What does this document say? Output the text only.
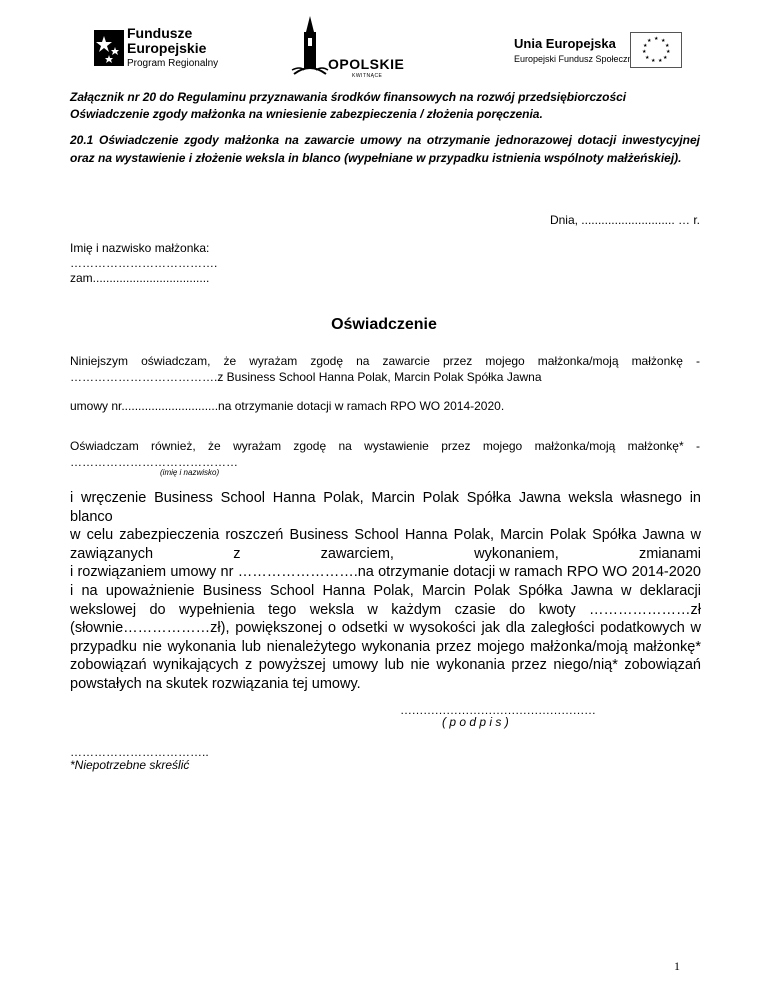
Fundusze
Europejskie
Program Regionalny	OPOLSKIE
KWITNĄCE
Unia Europejska
Europejski Fundusz Społeczny
★ ★
★
★
★
★
★
★
★
★
★
Załącznik nr 20 do Regulaminu przyznawania środków finansowych na rozwój przedsiębiorczości
Oświadczenie zgody małżonka na wniesienie zabezpieczenia / złożenia poręczenia.
20.1 Oświadczenie zgody małżonka na zawarcie umowy na otrzymanie jednorazowej dotacji inwestycyjnej oraz na wystawienie i złożenie weksla in blanco (wypełniane w przypadku istnienia wspólnoty małżeńskiej).
Dnia, ............................ … r.
Imię i nazwisko małżonka:
……………………………….
zam...................................
Oświadczenie
Niniejszym oświadczam, że wyrażam zgodę na zawarcie przez mojego małżonka/moją małżonkę -
……………………………….z Business School Hanna Polak, Marcin Polak Spółka Jawna
umowy nr.............................na otrzymanie dotacji w ramach RPO WO 2014-2020.
Oświadczam również, że wyrażam zgodę na wystawienie przez mojego małżonka/moją małżonkę* -
……………………………………
(imię i nazwisko)
i wręczenie Business School Hanna Polak, Marcin Polak Spółka Jawna weksla własnego in blanco
w celu zabezpieczenia roszczeń Business School Hanna Polak, Marcin Polak Spółka Jawna w
zawiązanych z zawarciem, wykonaniem, zmianami
i rozwiązaniem umowy nr …………………….na otrzymanie dotacji w ramach RPO WO 2014-2020
i na upoważnienie Business School Hanna Polak, Marcin Polak Spółka Jawna w deklaracji
wekslowej do wypełnienia tego weksla w każdym czasie do kwoty …………………zł
(słownie………………zł), powiększonej o odsetki w wysokości jak dla zaległości podatkowych w
przypadku nie wykonania lub nienależytego wykonania przez mojego małżonka/moją małżonkę*
zobowiązań wynikających z powyższej umowy lub nie wykonania przez niego/nią* zobowiązań
powstałych na skutek rozwiązania tej umowy.
……………………………………………
( p o d p i s )
……………………………..
*Niepotrzebne skreślić
1
